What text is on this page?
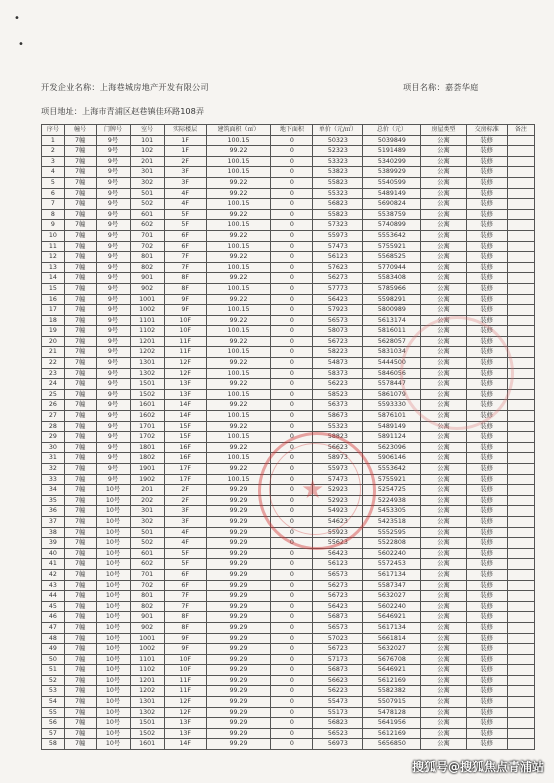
•
•
开发企业名称：上海巷城房地产开发有限公司	项目名称：嘉荟华庭
项目地址：上海市青浦区赵巷镇佳环路108弄
序号	幢号	门牌号	室号	实际楼层	建筑面积（㎡）	地下面积	单价（元/㎡）	总价（元）	房屋类型	交房标准	备注
1	7幢	9号	101	1F	100.15	0	50323	5039849	公寓	装修	
2	7幢	9号	102	1F	99.22	0	52323	5191489	公寓	装修	
3	7幢	9号	201	2F	100.15	0	53323	5340299	公寓	装修	
4	7幢	9号	301	3F	100.15	0	53823	5389929	公寓	装修	
5	7幢	9号	302	3F	99.22	0	55823	5540599	公寓	装修	
6	7幢	9号	501	4F	99.22	0	55323	5489149	公寓	装修	
7	7幢	9号	502	4F	100.15	0	56823	5690824	公寓	装修	
8	7幢	9号	601	5F	99.22	0	55823	5538759	公寓	装修	
9	7幢	9号	602	5F	100.15	0	57323	5740899	公寓	装修	
10	7幢	9号	701	6F	99.22	0	55973	5553642	公寓	装修	
11	7幢	9号	702	6F	100.15	0	57473	5755921	公寓	装修	
12	7幢	9号	801	7F	99.22	0	56123	5568525	公寓	装修	
13	7幢	9号	802	7F	100.15	0	57623	5770944	公寓	装修	
14	7幢	9号	901	8F	99.22	0	56273	5583408	公寓	装修	
15	7幢	9号	902	8F	100.15	0	57773	5785966	公寓	装修	
16	7幢	9号	1001	9F	99.22	0	56423	5598291	公寓	装修	
17	7幢	9号	1002	9F	100.15	0	57923	5800989	公寓	装修	
18	7幢	9号	1101	10F	99.22	0	56573	5613174	公寓	装修	
19	7幢	9号	1102	10F	100.15	0	58073	5816011	公寓	装修	
20	7幢	9号	1201	11F	99.22	0	56723	5628057	公寓	装修	
21	7幢	9号	1202	11F	100.15	0	58223	5831034	公寓	装修	
22	7幢	9号	1301	12F	99.22	0	54873	5444500	公寓	装修	
23	7幢	9号	1302	12F	100.15	0	58373	5846056	公寓	装修	
24	7幢	9号	1501	13F	99.22	0	56223	5578447	公寓	装修	
25	7幢	9号	1502	13F	100.15	0	58523	5861079	公寓	装修	
26	7幢	9号	1601	14F	99.22	0	56373	5593330	公寓	装修	
27	7幢	9号	1602	14F	100.15	0	58673	5876101	公寓	装修	
28	7幢	9号	1701	15F	99.22	0	55323	5489149	公寓	装修	
29	7幢	9号	1702	15F	100.15	0	58823	5891124	公寓	装修	
30	7幢	9号	1801	16F	99.22	0	56623	5623096	公寓	装修	
31	7幢	9号	1802	16F	100.15	0	58973	5906146	公寓	装修	
32	7幢	9号	1901	17F	99.22	0	55973	5553642	公寓	装修	
33	7幢	9号	1902	17F	100.15	0	57473	5755921	公寓	装修	
34	7幢	10号	201	2F	99.29	0	52923	5254725	公寓	装修	
35	7幢	10号	202	2F	99.29	0	52923	5224938	公寓	装修	
36	7幢	10号	301	3F	99.29	0	54923	5453305	公寓	装修	
37	7幢	10号	302	3F	99.29	0	54623	5423518	公寓	装修	
38	7幢	10号	501	4F	99.29	0	55923	5552595	公寓	装修	
39	7幢	10号	502	4F	99.29	0	55623	5522808	公寓	装修	
40	7幢	10号	601	5F	99.29	0	56423	5602240	公寓	装修	
41	7幢	10号	602	5F	99.29	0	56123	5572453	公寓	装修	
42	7幢	10号	701	6F	99.29	0	56573	5617134	公寓	装修	
43	7幢	10号	702	6F	99.29	0	56273	5587347	公寓	装修	
44	7幢	10号	801	7F	99.29	0	56723	5632027	公寓	装修	
45	7幢	10号	802	7F	99.29	0	56423	5602240	公寓	装修	
46	7幢	10号	901	8F	99.29	0	56873	5646921	公寓	装修	
47	7幢	10号	902	8F	99.29	0	56573	5617134	公寓	装修	
48	7幢	10号	1001	9F	99.29	0	57023	5661814	公寓	装修	
49	7幢	10号	1002	9F	99.29	0	56723	5632027	公寓	装修	
50	7幢	10号	1101	10F	99.29	0	57173	5676708	公寓	装修	
51	7幢	10号	1102	10F	99.29	0	56873	5646921	公寓	装修	
52	7幢	10号	1201	11F	99.29	0	56623	5612169	公寓	装修	
53	7幢	10号	1202	11F	99.29	0	56223	5582382	公寓	装修	
54	7幢	10号	1301	12F	99.29	0	55473	5507915	公寓	装修	
55	7幢	10号	1302	12F	99.29	0	55173	5478128	公寓	装修	
56	7幢	10号	1501	13F	99.29	0	56823	5641956	公寓	装修	
57	7幢	10号	1502	13F	99.29	0	56523	5612169	公寓	装修	
58	7幢	10号	1601	14F	99.29	0	56973	5656850	公寓	装修	
★
搜狐号@搜狐焦点青浦站
